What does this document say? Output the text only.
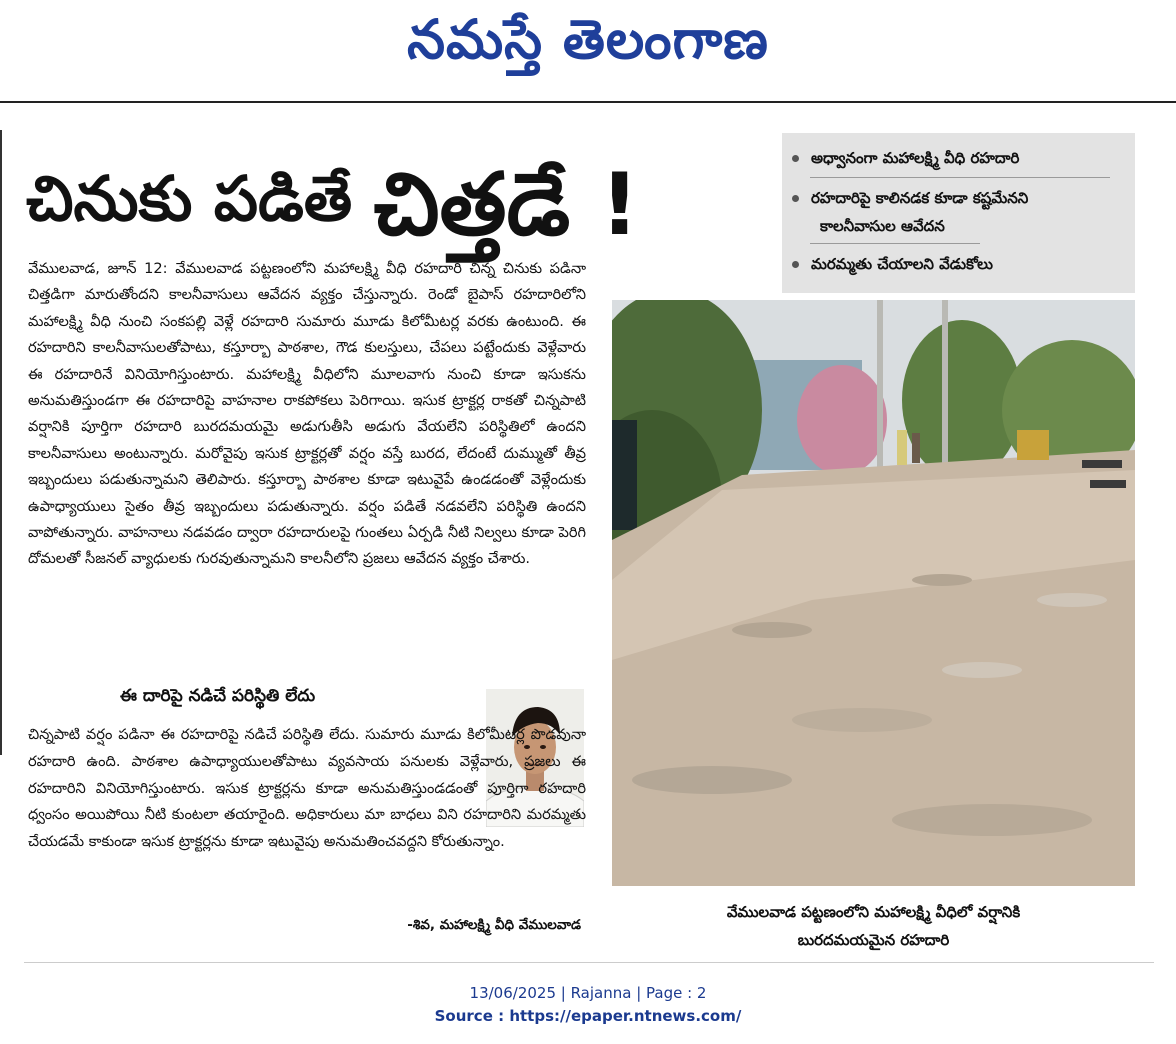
నమస్తే తెలంగాణ
చినుకు పడితే చిత్తడే !	అధ్వానంగా మహాలక్ష్మి వీధి రహదారి
రహదారిపై కాలినడక కూడా కష్టమేనని
కాలనీవాసుల ఆవేదన
మరమ్మతు చేయాలని వేడుకోలు
వేములవాడ, జూన్ 12: వేములవాడ పట్టణంలోని మహాలక్ష్మి వీధి రహదారి చిన్న చినుకు పడినా చిత్తడిగా మారుతోందని కాలనీవాసులు ఆవేదన వ్యక్తం చేస్తున్నారు. రెండో బైపాస్ రహదారిలోని మహాలక్ష్మి వీధి నుంచి సంకపల్లి వెళ్లే రహదారి సుమారు మూడు కిలోమీటర్ల వరకు ఉంటుంది. ఈ రహదారిని కాలనీవాసులతోపాటు, కస్తూర్బా పాఠశాల, గౌడ కులస్తులు, చేపలు పట్టేందుకు వెళ్లేవారు ఈ రహదారినే వినియోగిస్తుంటారు. మహాలక్ష్మి వీధిలోని మూలవాగు నుంచి కూడా ఇసుకను అనుమతిస్తుండగా ఈ రహదారిపై వాహనాల రాకపోకలు పెరిగాయి. ఇసుక ట్రాక్టర్ల రాకతో చిన్నపాటి వర్షానికి పూర్తిగా రహదారి బురదమయమై అడుగుతీసి అడుగు వేయలేని పరిస్థితిలో ఉందని కాలనీవాసులు అంటున్నారు. మరోవైపు ఇసుక ట్రాక్టర్లతో వర్షం వస్తే బురద, లేదంటే దుమ్ముతో తీవ్ర ఇబ్బందులు పడుతున్నామని తెలిపారు. కస్తూర్బా పాఠశాల కూడా ఇటువైపే ఉండడంతో వెళ్లేందుకు ఉపాధ్యాయులు సైతం తీవ్ర ఇబ్బందులు పడుతున్నారు. వర్షం పడితే నడవలేని పరిస్థితి ఉందని వాపోతున్నారు. వాహనాలు నడవడం ద్వారా రహదారులపై గుంతలు ఏర్పడి నీటి నిల్వలు కూడా పెరిగి దోమలతో సీజనల్ వ్యాధులకు గురవుతున్నామని కాలనీలోని ప్రజలు ఆవేదన వ్యక్తం చేశారు.
ఈ దారిపై నడిచే పరిస్థితి లేదు
చిన్నపాటి వర్షం పడినా ఈ రహదారిపై నడిచే పరిస్థితి లేదు. సుమారు మూడు కిలోమీటర్ల పొడవునా రహదారి ఉంది. పాఠశాల ఉపాధ్యాయులతోపాటు వ్యవసాయ పనులకు వెళ్లేవారు, ప్రజలు ఈ రహదారిని వినియోగిస్తుంటారు. ఇసుక ట్రాక్టర్లను కూడా అనుమతిస్తుండడంతో పూర్తిగా రహదారి ధ్వంసం అయిపోయి నీటి కుంటలా తయారైంది. అధికారులు మా బాధలు విని రహదారిని మరమ్మతు చేయడమే కాకుండా ఇసుక ట్రాక్టర్లను కూడా ఇటువైపు అనుమతించవద్దని కోరుతున్నాం.
-శివ, మహాలక్ష్మి వీధి వేములవాడ
వేములవాడ పట్టణంలోని మహాలక్ష్మి వీధిలో వర్షానికి
బురదమయమైన రహదారి
13/06/2025 | Rajanna | Page : 2
Source : https://epaper.ntnews.com/
